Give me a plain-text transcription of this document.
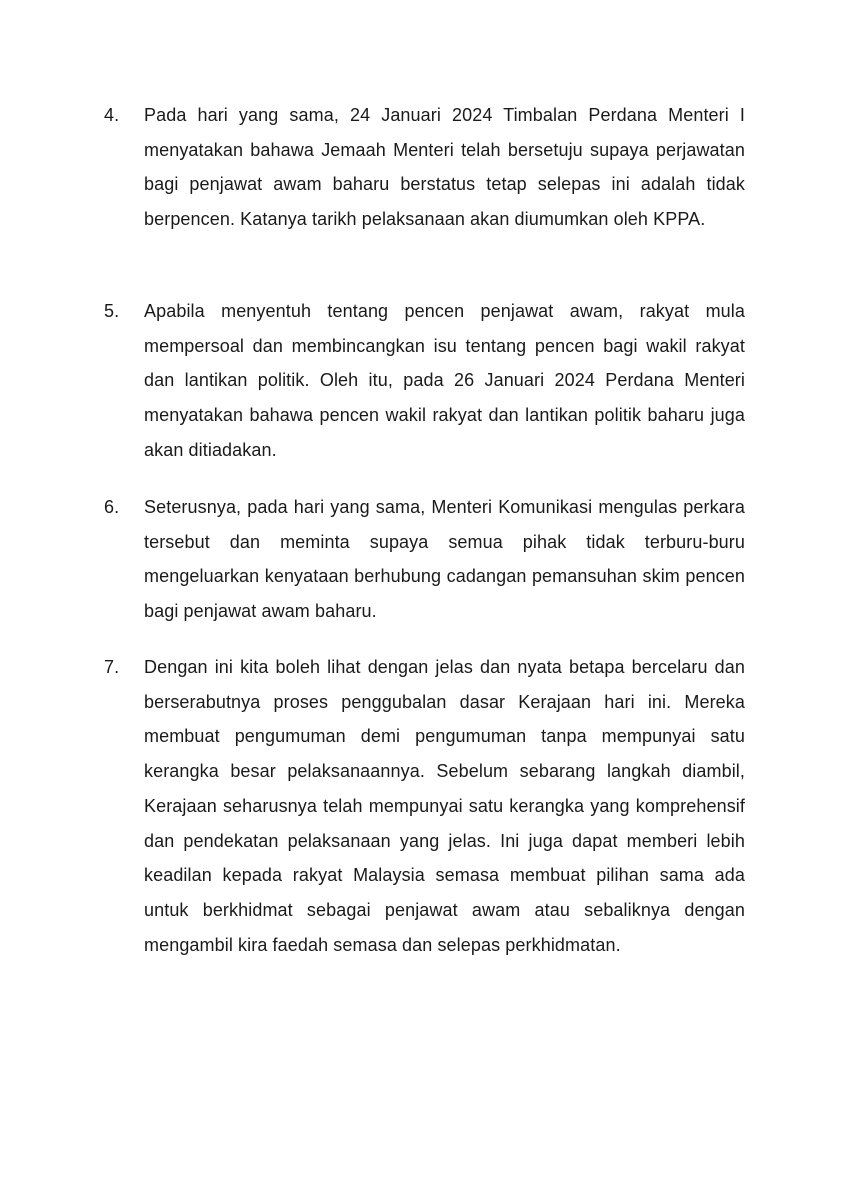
4.	Pada hari yang sama, 24 Januari 2024 Timbalan Perdana Menteri I menyatakan bahawa Jemaah Menteri telah bersetuju supaya perjawatan bagi penjawat awam baharu berstatus tetap selepas ini adalah tidak berpencen. Katanya tarikh pelaksanaan akan diumumkan oleh KPPA.
5.	Apabila menyentuh tentang pencen penjawat awam, rakyat mula mempersoal dan membincangkan isu tentang pencen bagi wakil rakyat dan lantikan politik. Oleh itu, pada 26 Januari 2024 Perdana Menteri menyatakan bahawa pencen wakil rakyat dan lantikan politik baharu juga akan ditiadakan.
6.	Seterusnya, pada hari yang sama, Menteri Komunikasi mengulas perkara tersebut dan meminta supaya semua pihak tidak terburu-buru mengeluarkan kenyataan berhubung cadangan pemansuhan skim pencen bagi penjawat awam baharu.
7.	Dengan ini kita boleh lihat dengan jelas dan nyata betapa bercelaru dan berserabutnya proses penggubalan dasar Kerajaan hari ini. Mereka membuat pengumuman demi pengumuman tanpa mempunyai satu kerangka besar pelaksanaannya. Sebelum sebarang langkah diambil, Kerajaan seharusnya telah mempunyai satu kerangka yang komprehensif dan pendekatan pelaksanaan yang jelas. Ini juga dapat memberi lebih keadilan kepada rakyat Malaysia semasa membuat pilihan sama ada untuk berkhidmat sebagai penjawat awam atau sebaliknya dengan mengambil kira faedah semasa dan selepas perkhidmatan.
